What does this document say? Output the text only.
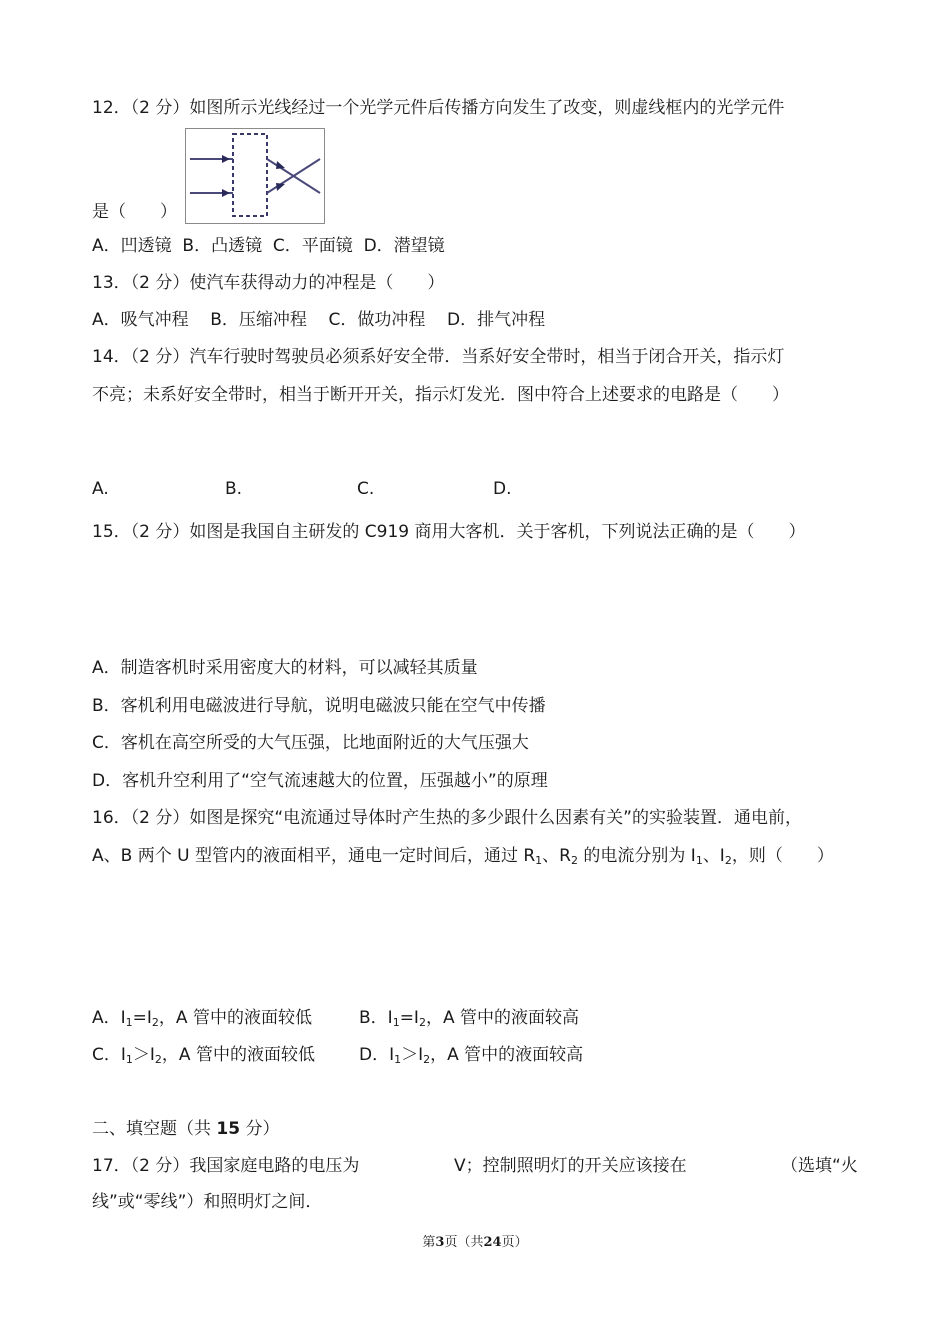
12．（2 分）如图所示光线经过一个光学元件后传播方向发生了改变，则虚线框内的光学元件
是（　　）
A．凹透镜  B．凸透镜  C．平面镜  D．潜望镜
13．（2 分）使汽车获得动力的冲程是（　　）
A．吸气冲程    B．压缩冲程    C．做功冲程    D．排气冲程
14．（2 分）汽车行驶时驾驶员必须系好安全带．当系好安全带时，相当于闭合开关，指示灯
不亮；未系好安全带时，相当于断开开关，指示灯发光．图中符合上述要求的电路是（　　）
A.	B.	C.	D.
15．（2 分）如图是我国自主研发的 C919 商用大客机．关于客机，下列说法正确的是（　　）
A．制造客机时采用密度大的材料，可以减轻其质量
B．客机利用电磁波进行导航，说明电磁波只能在空气中传播
C．客机在高空所受的大气压强，比地面附近的大气压强大
D．客机升空利用了“空气流速越大的位置，压强越小”的原理
16．（2 分）如图是探究“电流通过导体时产生热的多少跟什么因素有关”的实验装置．通电前，
A、B 两个 U 型管内的液面相平，通电一定时间后，通过 $R_1$、$R_2$ 的电流分别为 $I_1$、$I_2$，则（　　）
A．$I_1=I_2$，A 管中的液面较低	B．$I_1=I_2$，A 管中的液面较高
C．$I_1>I_2$，A 管中的液面较低	D．$I_1>I_2$，A 管中的液面较高
二、填空题（共 15 分）
17．（2 分）我国家庭电路的电压为	V；控制照明灯的开关应该接在	（选填“火
线”或“零线”）和照明灯之间．
第3页（共24页）
